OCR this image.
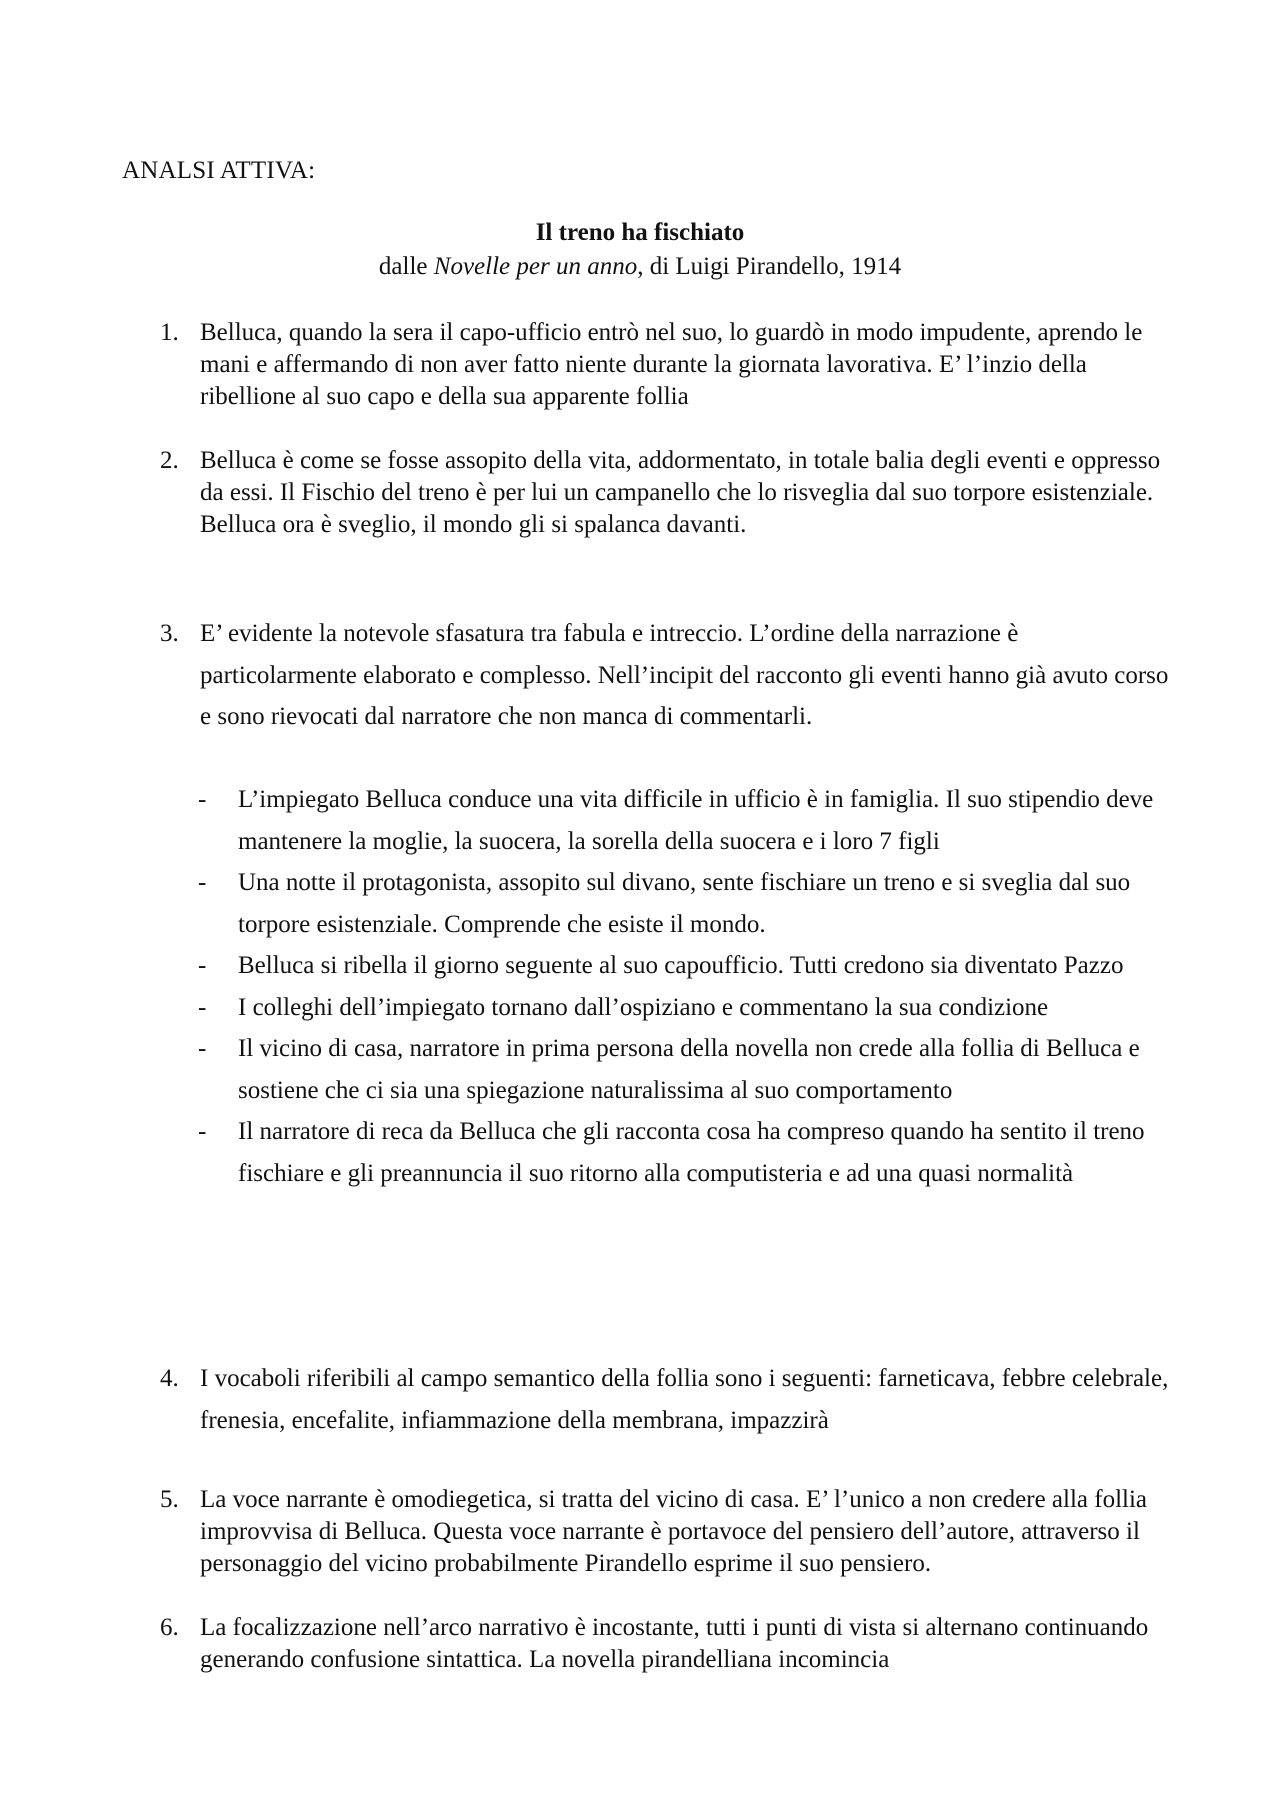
ANALSI ATTIVA:
Il treno ha fischiato
dalle Novelle per un anno, di Luigi Pirandello, 1914
1. Belluca, quando la sera il capo-ufficio entrò nel suo, lo guardò in modo impudente, aprendo le mani e affermando di non aver fatto niente durante la giornata lavorativa. E’ l’inzio della ribellione al suo capo e della sua apparente follia
2. Belluca è come se fosse assopito della vita, addormentato, in totale balia degli eventi e oppresso da essi. Il Fischio del treno è per lui un campanello che lo risveglia dal suo torpore esistenziale. Belluca ora è sveglio, il mondo gli si spalanca davanti.
3. E’ evidente la notevole sfasatura tra fabula e intreccio. L’ordine della narrazione è particolarmente elaborato e complesso. Nell’incipit del racconto gli eventi hanno già avuto corso e sono rievocati dal narratore che non manca di commentarli.
-	L’impiegato Belluca conduce una vita difficile in ufficio è in famiglia. Il suo stipendio deve mantenere la moglie, la suocera, la sorella della suocera e i loro 7 figli
-	Una notte il protagonista, assopito sul divano, sente fischiare un treno e si sveglia dal suo torpore esistenziale. Comprende che esiste il mondo.
-	Belluca si ribella il giorno seguente al suo capoufficio. Tutti credono sia diventato Pazzo
-	I colleghi dell’impiegato tornano dall’ospiziano e commentano la sua condizione
-	Il vicino di casa, narratore in prima persona della novella non crede alla follia di Belluca e sostiene che ci sia una spiegazione naturalissima al suo comportamento
-	Il narratore di reca da Belluca che gli racconta cosa ha compreso quando ha sentito il treno fischiare e gli preannuncia il suo ritorno alla computisteria e ad una quasi normalità
4. I vocaboli riferibili al campo semantico della follia sono i seguenti: farneticava, febbre celebrale, frenesia, encefalite, infiammazione della membrana, impazzirà
5. La voce narrante è omodiegetica, si tratta del vicino di casa. E’ l’unico a non credere alla follia improvvisa di Belluca. Questa voce narrante è portavoce del pensiero dell’autore, attraverso il personaggio del vicino probabilmente Pirandello esprime il suo pensiero.
6. La focalizzazione nell’arco narrativo è incostante, tutti i punti di vista si alternano continuando generando confusione sintattica. La novella pirandelliana incomincia
